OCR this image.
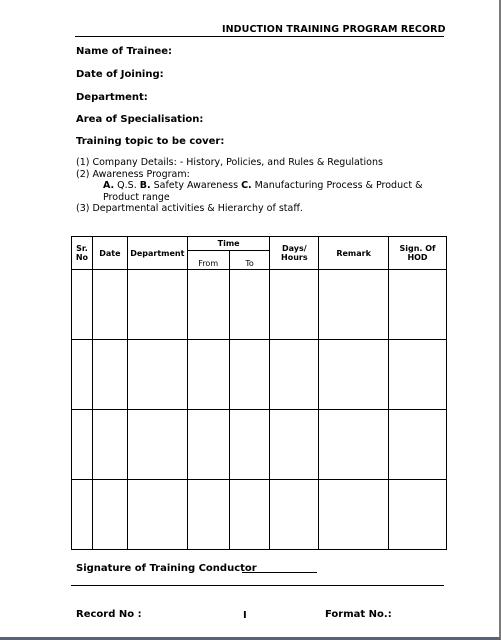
INDUCTION TRAINING PROGRAM RECORD
Name of Trainee:
Date of Joining:
Department:
Area of Specialisation:
Training topic to be cover:
(1) Company Details: - History, Policies, and Rules & Regulations
(2) Awareness Program:
A. Q.S. B. Safety Awareness C. Manufacturing Process & Product &
Product range
(3) Departmental activities & Hierarchy of staff.
Sr. No	Date	Department	Time		Days/ Hours	Remark	Sign. Of HOD
			From	To			

Signature of Training Conductor
Record No :	I	Format No.:
